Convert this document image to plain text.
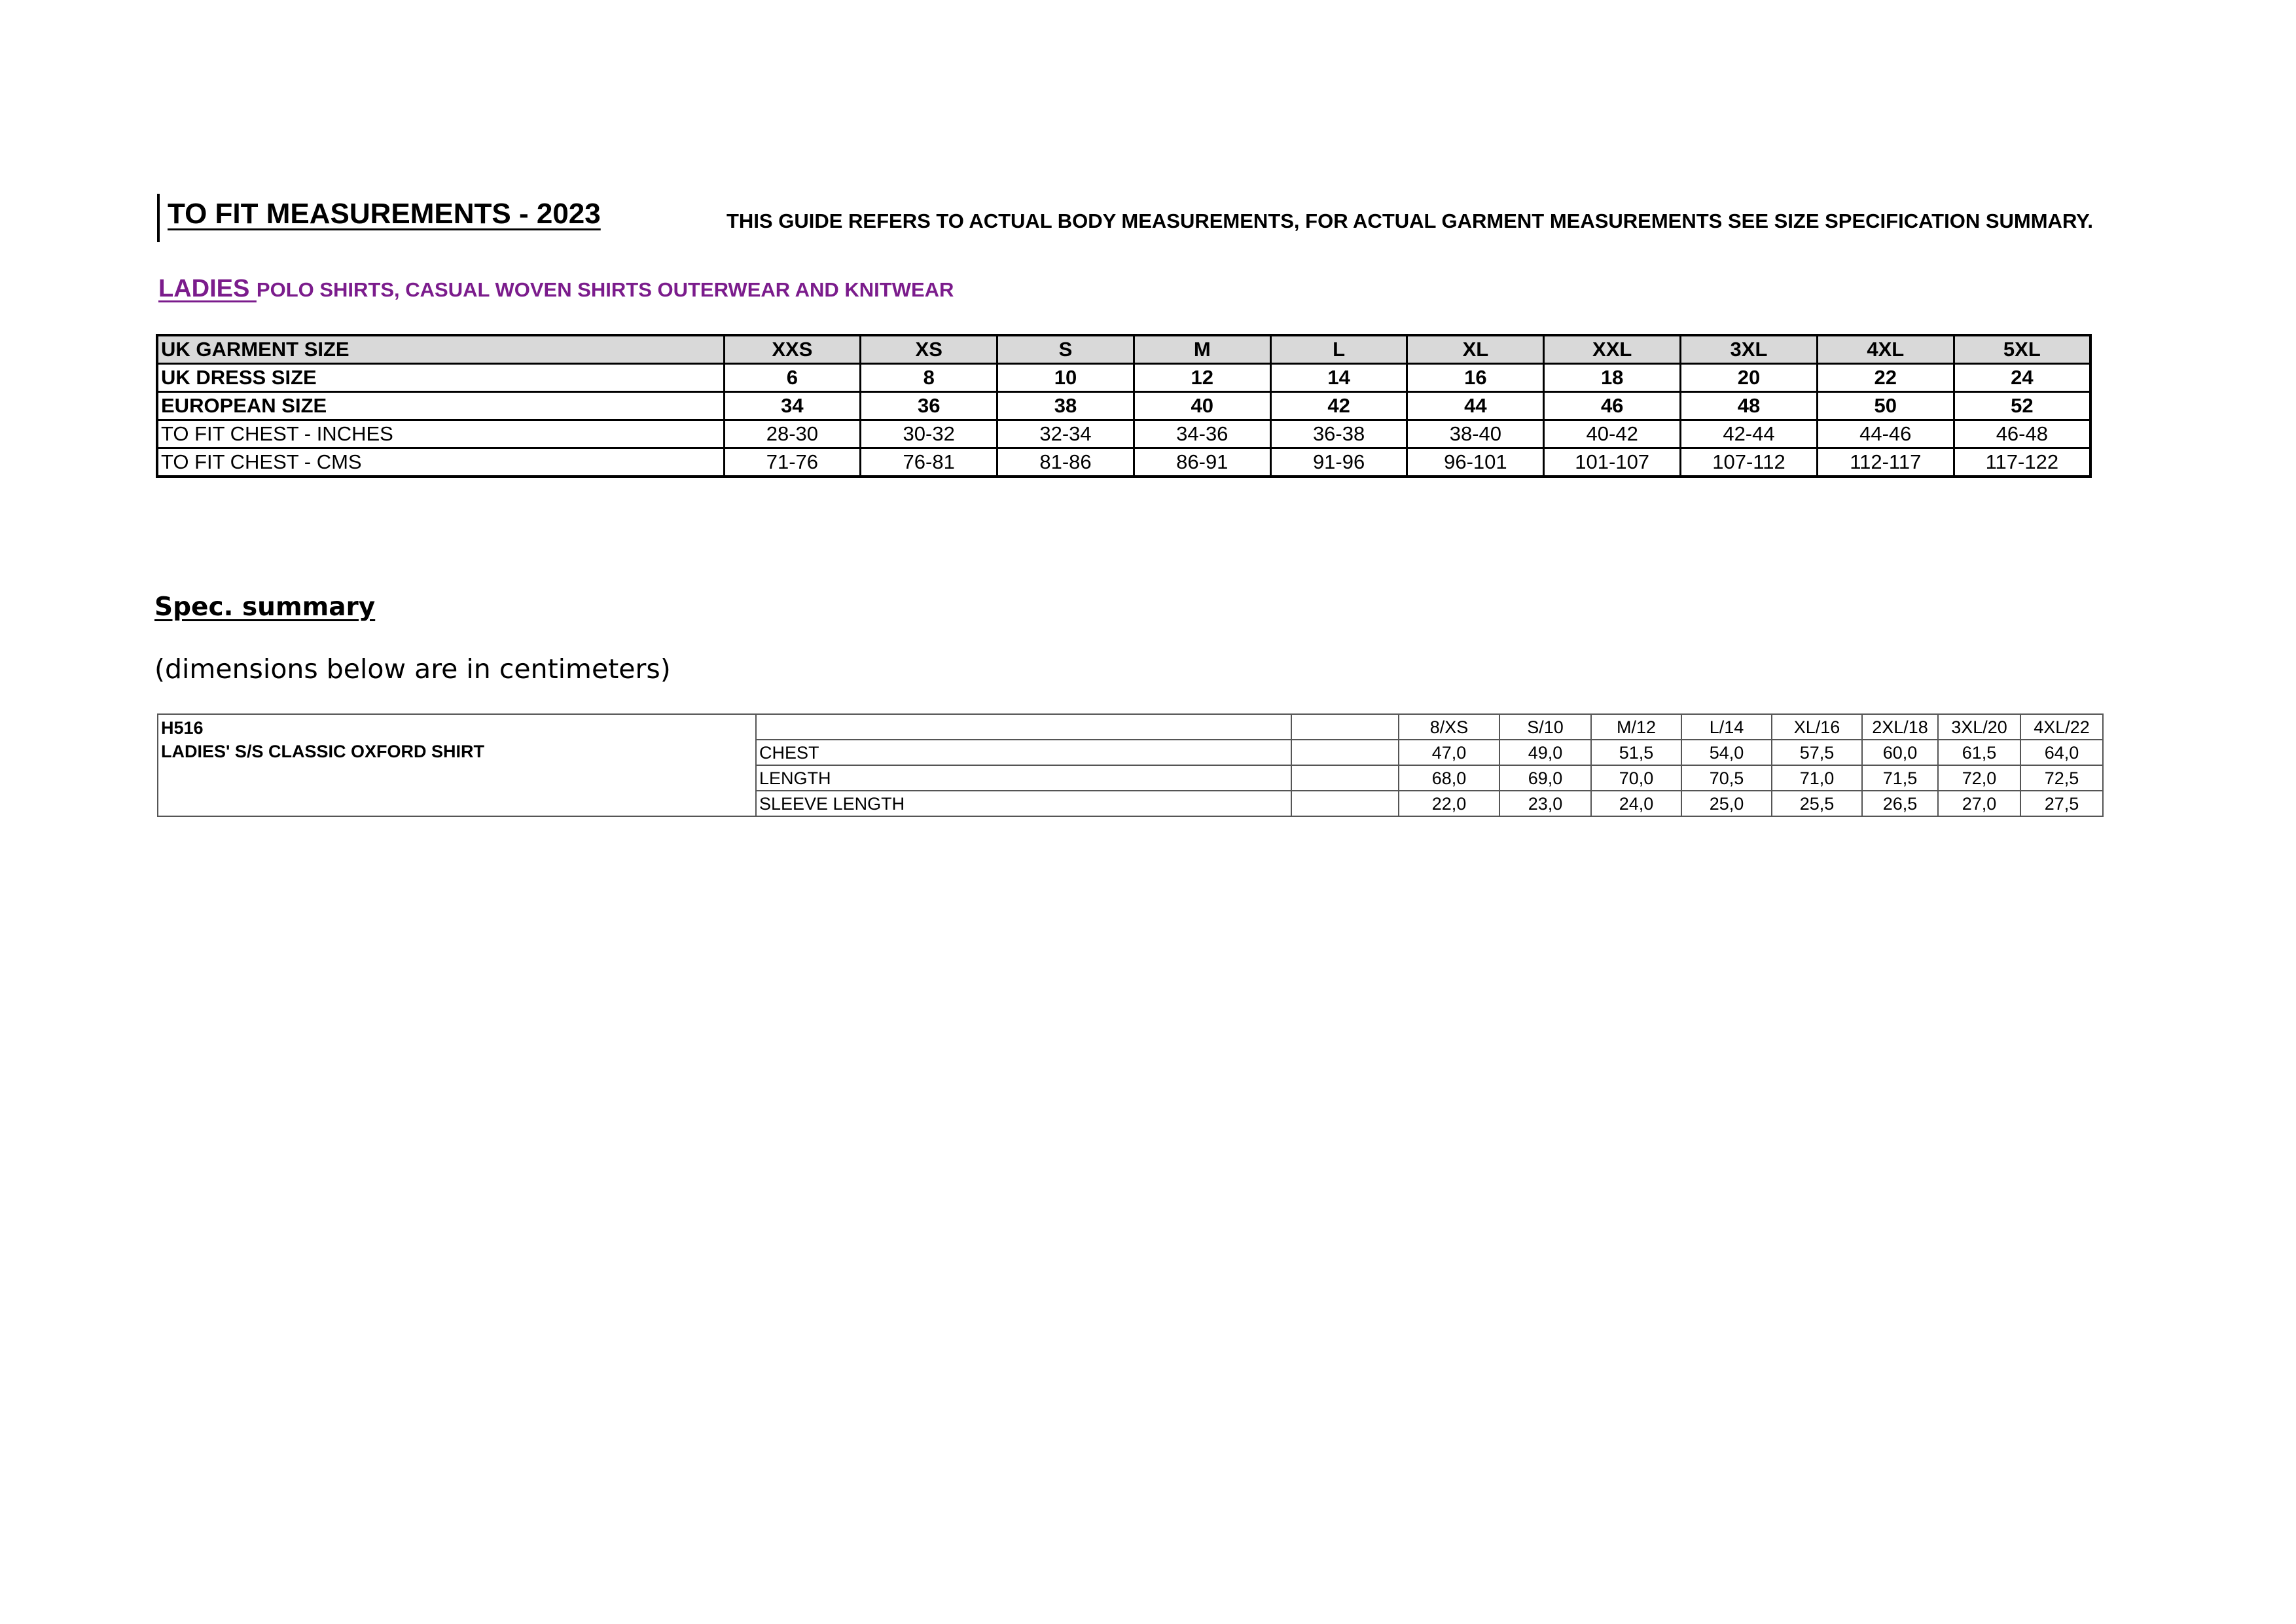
TO FIT MEASUREMENTS - 2023	THIS GUIDE REFERS TO ACTUAL BODY MEASUREMENTS, FOR ACTUAL GARMENT MEASUREMENTS SEE SIZE SPECIFICATION SUMMARY.
LADIES POLO SHIRTS, CASUAL WOVEN SHIRTS OUTERWEAR AND KNITWEAR
UK GARMENT SIZE	XXS	XS	S	M	L	XL	XXL	3XL	4XL	5XL
UK DRESS SIZE	6	8	10	12	14	16	18	20	22	24
EUROPEAN SIZE	34	36	38	40	42	44	46	48	50	52
TO FIT CHEST - INCHES	28-30	30-32	32-34	34-36	36-38	38-40	40-42	42-44	44-46	46-48
TO FIT CHEST - CMS	71-76	76-81	81-86	86-91	91-96	96-101	101-107	107-112	112-117	117-122
Spec. summary
(dimensions below are in centimeters)
H516
LADIES' S/S CLASSIC OXFORD SHIRT			8/XS	S/10	M/12	L/14	XL/16	2XL/18	3XL/20	4XL/22
	CHEST		47,0	49,0	51,5	54,0	57,5	60,0	61,5	64,0
	LENGTH		68,0	69,0	70,0	70,5	71,0	71,5	72,0	72,5
	SLEEVE LENGTH		22,0	23,0	24,0	25,0	25,5	26,5	27,0	27,5
